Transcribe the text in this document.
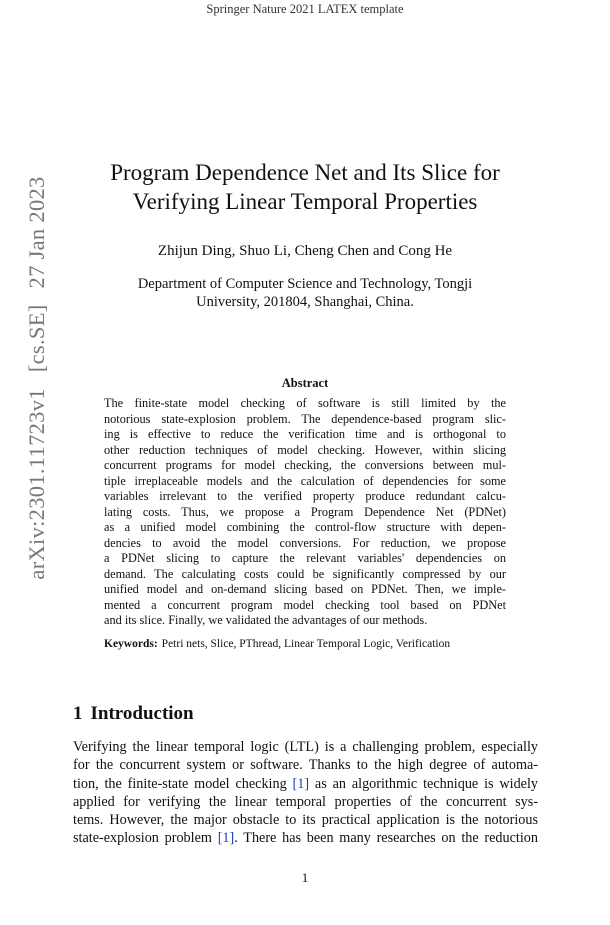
Springer Nature 2021 LATEX template
arXiv:2301.11723v1[cs.SE]27 Jan 2023
Program Dependence Net and Its Slice for
Verifying Linear Temporal Properties
Zhijun Ding, Shuo Li, Cheng Chen and Cong He
Department of Computer Science and Technology, Tongji
University, 201804, Shanghai, China.
Abstract
The finite-state model checking of software is still limited by the
notorious state-explosion problem. The dependence-based program slic-
ing is effective to reduce the verification time and is orthogonal to
other reduction techniques of model checking. However, within slicing
concurrent programs for model checking, the conversions between mul-
tiple irreplaceable models and the calculation of dependencies for some
variables irrelevant to the verified property produce redundant calcu-
lating costs. Thus, we propose a Program Dependence Net (PDNet)
as a unified model combining the control-flow structure with depen-
dencies to avoid the model conversions. For reduction, we propose
a PDNet slicing to capture the relevant variables' dependencies on
demand. The calculating costs could be significantly compressed by our
unified model and on-demand slicing based on PDNet. Then, we imple-
mented a concurrent program model checking tool based on PDNet
and its slice. Finally, we validated the advantages of our methods.
Keywords: Petri nets, Slice, PThread, Linear Temporal Logic, Verification
1 Introduction
Verifying the linear temporal logic (LTL) is a challenging problem, especially
for the concurrent system or software. Thanks to the high degree of automa-
tion, the finite-state model checking [1] as an algorithmic technique is widely
applied for verifying the linear temporal properties of the concurrent sys-
tems. However, the major obstacle to its practical application is the notorious
state-explosion problem [1]. There has been many researches on the reduction
1
